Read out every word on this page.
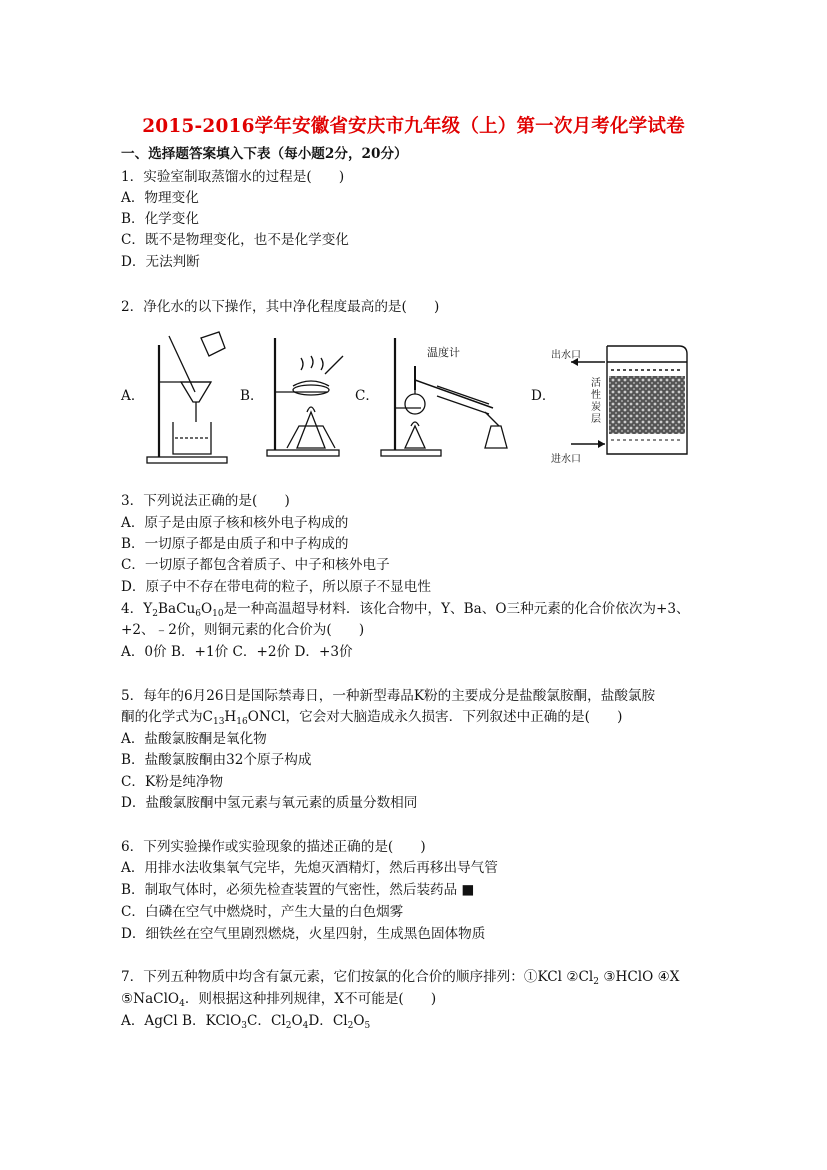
2015-2016学年安徽省安庆市九年级（上）第一次月考化学试卷
一、选择题答案填入下表（每小题2分，20分）
1．实验室制取蒸馏水的过程是(　　)
A．物理变化
B．化学变化
C．既不是物理变化，也不是化学变化
D．无法判断
2．净化水的以下操作，其中净化程度最高的是(　　)
A．	B．	C．	D．
温度计	出水口
进水口
活性炭层
3．下列说法正确的是(　　)
A．原子是由原子核和核外电子构成的
B．一切原子都是由质子和中子构成的
C．一切原子都包含着质子、中子和核外电子
D．原子中不存在带电荷的粒子，所以原子不显电性
4．$Y_2BaCu_6O_{10}$是一种高温超导材料．该化合物中，Y、Ba、O三种元素的化合价依次为+3、
+2、﹣2价，则铜元素的化合价为(　　)
A．0价 B．+1价 C．+2价 D．+3价
5．每年的6月26日是国际禁毒日，一种新型毒品K粉的主要成分是盐酸氯胺酮，盐酸氯胺
酮的化学式为$C_{13}H_{16}ONCl$，它会对大脑造成永久损害．下列叙述中正确的是(　　)
A．盐酸氯胺酮是氧化物
B．盐酸氯胺酮由32个原子构成
C．K粉是纯净物
D．盐酸氯胺酮中氢元素与氧元素的质量分数相同
6．下列实验操作或实验现象的描述正确的是(　　)
A．用排水法收集氧气完毕，先熄灭酒精灯，然后再移出导气管
B．制取气体时，必须先检查装置的气密性，然后装药品 ■
C．白磷在空气中燃烧时，产生大量的白色烟雾
D．细铁丝在空气里剧烈燃烧，火星四射，生成黑色固体物质
7．下列五种物质中均含有氯元素，它们按氯的化合价的顺序排列：①KCl $②Cl_2$ ③HClO ④X
⑤NaClO$_4$．则根据这种排列规律，X不可能是(　　)
A．AgCl B．KClO$_3$C．$Cl_2O_4D$．$Cl_2O_5$
